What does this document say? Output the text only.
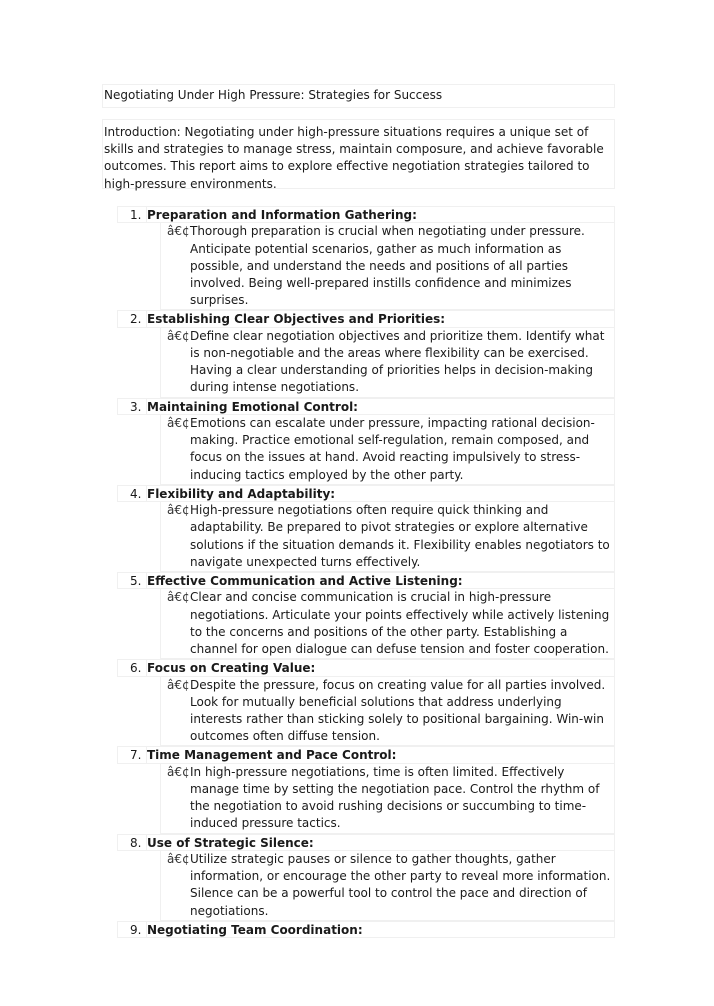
Negotiating Under High Pressure: Strategies for Success
Introduction: Negotiating under high-pressure situations requires a unique set of skills and strategies to manage stress, maintain composure, and achieve favorable outcomes. This report aims to explore effective negotiation strategies tailored to high-pressure environments.
1. Preparation and Information Gathering:
â€¢ Thorough preparation is crucial when negotiating under pressure. Anticipate potential scenarios, gather as much information as possible, and understand the needs and positions of all parties involved. Being well-prepared instills confidence and minimizes surprises.
2. Establishing Clear Objectives and Priorities:
â€¢ Define clear negotiation objectives and prioritize them. Identify what is non-negotiable and the areas where flexibility can be exercised. Having a clear understanding of priorities helps in decision-making during intense negotiations.
3. Maintaining Emotional Control:
â€¢ Emotions can escalate under pressure, impacting rational decision-making. Practice emotional self-regulation, remain composed, and focus on the issues at hand. Avoid reacting impulsively to stress-inducing tactics employed by the other party.
4. Flexibility and Adaptability:
â€¢ High-pressure negotiations often require quick thinking and adaptability. Be prepared to pivot strategies or explore alternative solutions if the situation demands it. Flexibility enables negotiators to navigate unexpected turns effectively.
5. Effective Communication and Active Listening:
â€¢ Clear and concise communication is crucial in high-pressure negotiations. Articulate your points effectively while actively listening to the concerns and positions of the other party. Establishing a channel for open dialogue can defuse tension and foster cooperation.
6. Focus on Creating Value:
â€¢ Despite the pressure, focus on creating value for all parties involved. Look for mutually beneficial solutions that address underlying interests rather than sticking solely to positional bargaining. Win-win outcomes often diffuse tension.
7. Time Management and Pace Control:
â€¢ In high-pressure negotiations, time is often limited. Effectively manage time by setting the negotiation pace. Control the rhythm of the negotiation to avoid rushing decisions or succumbing to time-induced pressure tactics.
8. Use of Strategic Silence:
â€¢ Utilize strategic pauses or silence to gather thoughts, gather information, or encourage the other party to reveal more information. Silence can be a powerful tool to control the pace and direction of negotiations.
9. Negotiating Team Coordination:
